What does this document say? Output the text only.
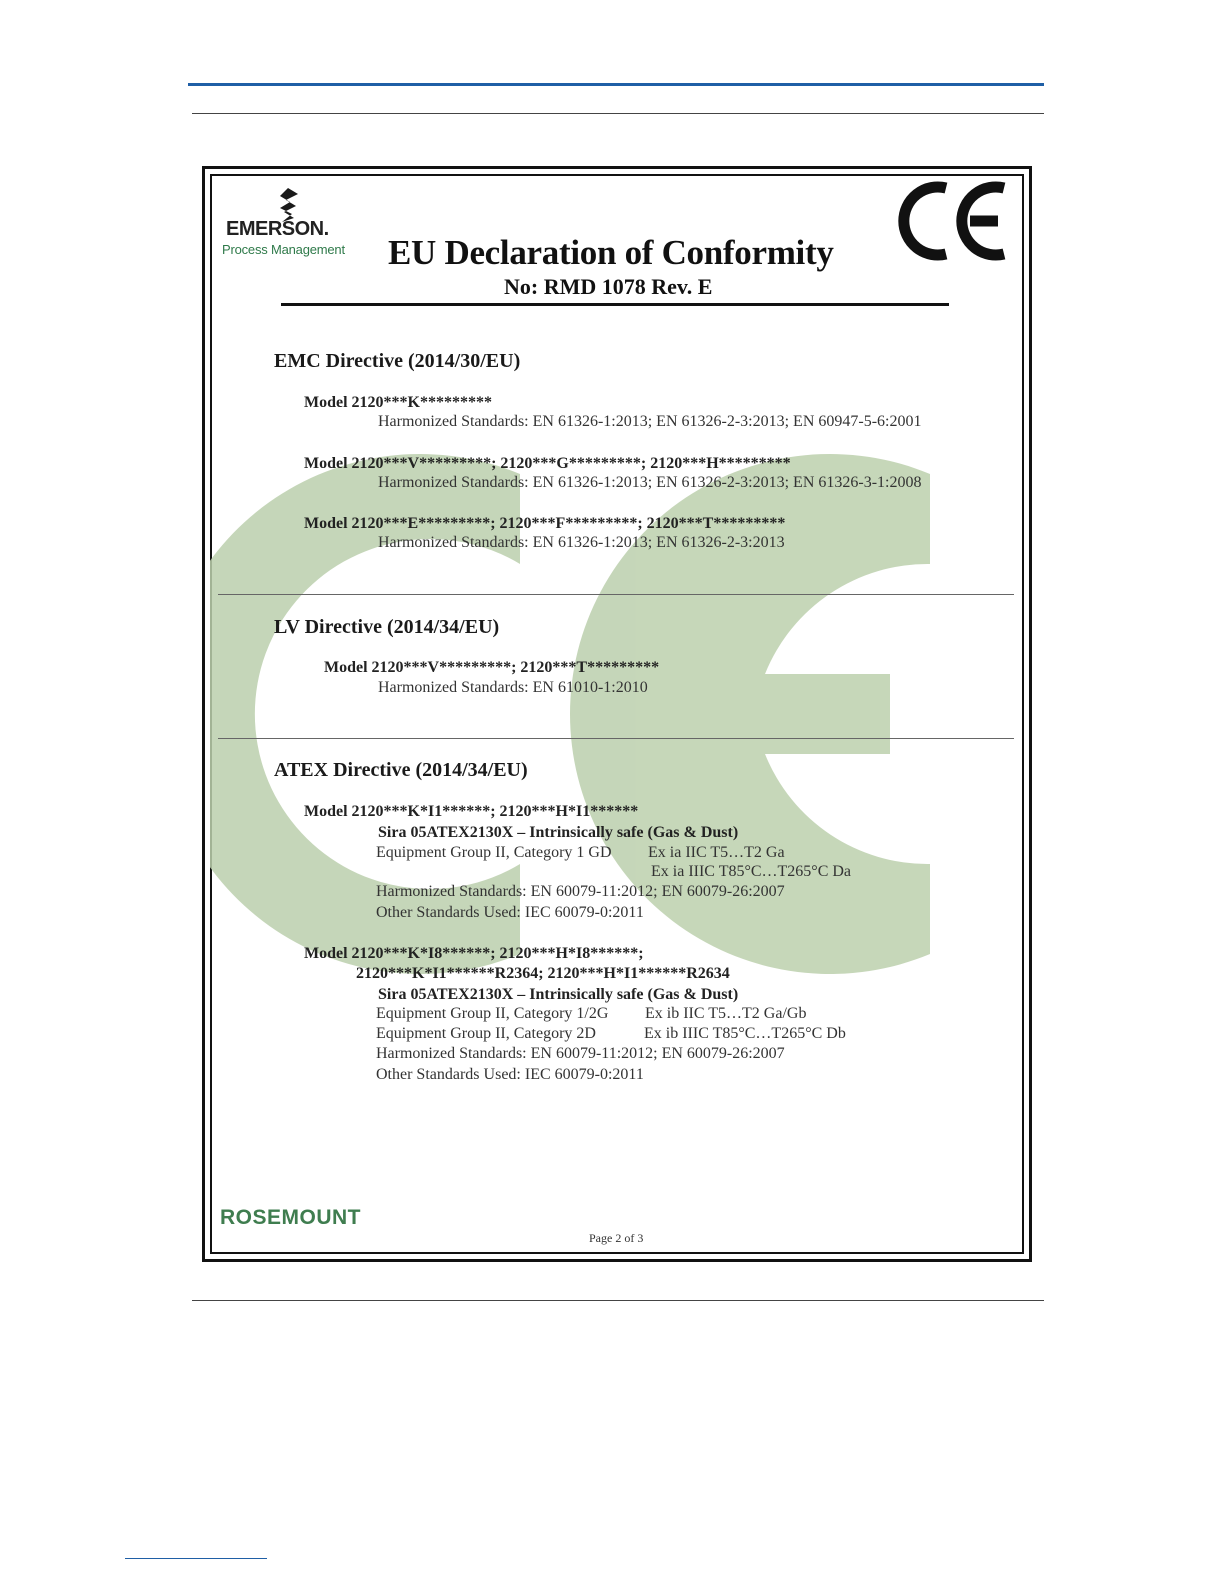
EMERSON.
Process Management EU Declaration of Conformity
No: RMD 1078 Rev. E
EMC Directive (2014/30/EU)
Model 2120***K*********
Harmonized Standards: EN 61326-1:2013; EN 61326-2-3:2013; EN 60947-5-6:2001
Model 2120***V*********; 2120***G*********; 2120***H*********
Harmonized Standards: EN 61326-1:2013; EN 61326-2-3:2013; EN 61326-3-1:2008
Model 2120***E*********; 2120***F*********; 2120***T*********
Harmonized Standards: EN 61326-1:2013; EN 61326-2-3:2013
LV Directive (2014/34/EU)
Model 2120***V*********; 2120***T*********
Harmonized Standards: EN 61010-1:2010
ATEX Directive (2014/34/EU)
Model 2120***K*I1******; 2120***H*I1******
Sira 05ATEX2130X – Intrinsically safe (Gas & Dust)
Equipment Group II, Category 1 GD Ex ia IIC T5…T2 Ga
Ex ia IIIC T85°C…T265°C Da
Harmonized Standards: EN 60079-11:2012; EN 60079-26:2007
Other Standards Used: IEC 60079-0:2011
Model 2120***K*I8******; 2120***H*I8******;
2120***K*I1******R2364; 2120***H*I1******R2634
Sira 05ATEX2130X – Intrinsically safe (Gas & Dust)
Equipment Group II, Category 1/2G Ex ib IIC T5…T2 Ga/Gb
Equipment Group II, Category 2D	Ex ib IIIC T85°C…T265°C Db
Harmonized Standards: EN 60079-11:2012; EN 60079-26:2007
Other Standards Used: IEC 60079-0:2011
ROSEMOUNT
Page 2 of 3
